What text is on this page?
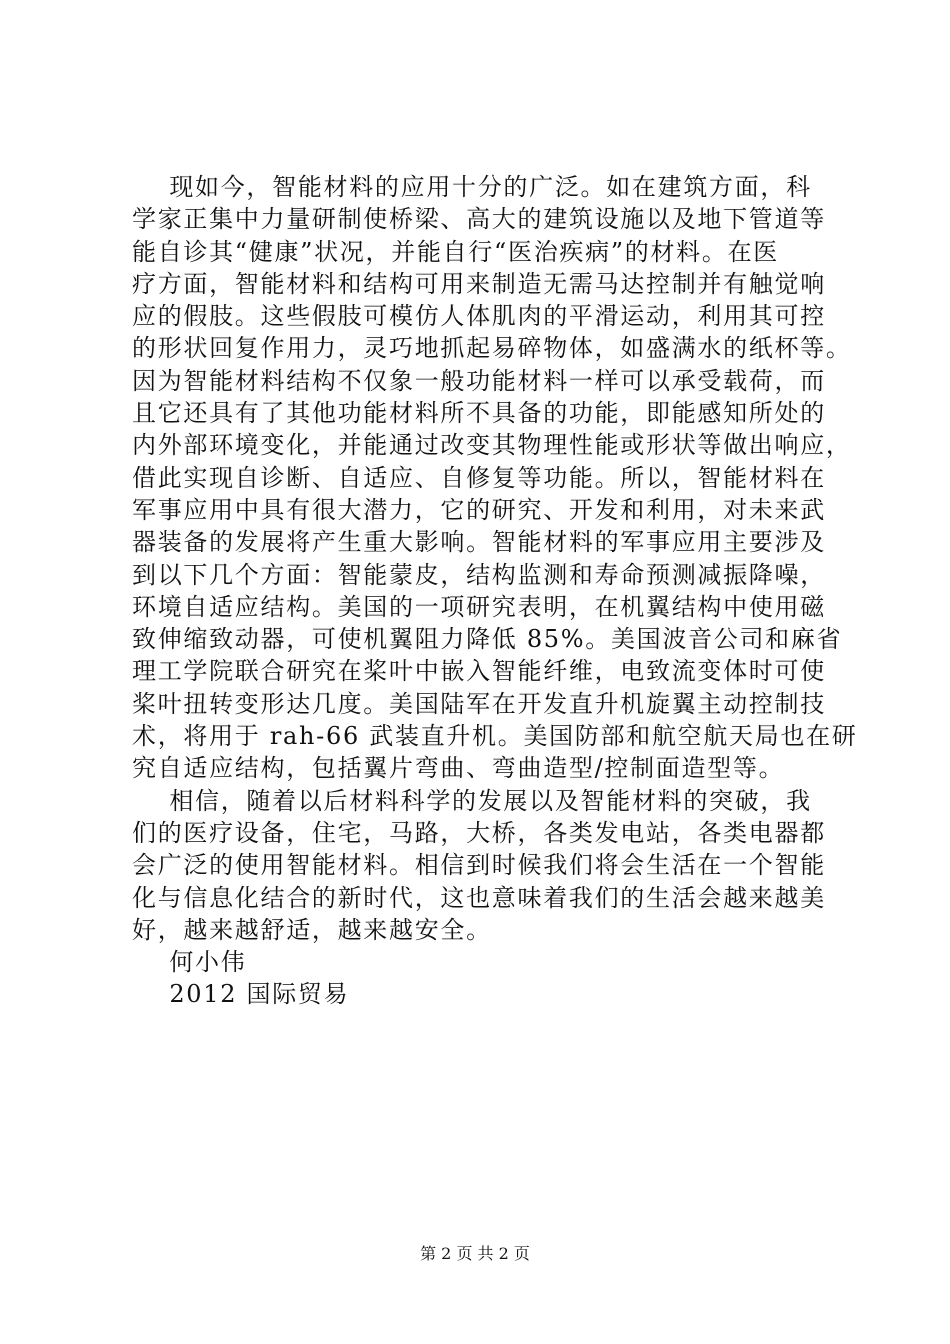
现如今，智能材料的应用十分的广泛。如在建筑方面，科
学家正集中力量研制使桥梁、高大的建筑设施以及地下管道等
能自诊其“健康”状况，并能自行“医治疾病”的材料。在医
疗方面，智能材料和结构可用来制造无需马达控制并有触觉响
应的假肢。这些假肢可模仿人体肌肉的平滑运动，利用其可控
的形状回复作用力，灵巧地抓起易碎物体，如盛满水的纸杯等。
因为智能材料结构不仅象一般功能材料一样可以承受载荷，而
且它还具有了其他功能材料所不具备的功能，即能感知所处的
内外部环境变化，并能通过改变其物理性能或形状等做出响应，
借此实现自诊断、自适应、自修复等功能。所以，智能材料在
军事应用中具有很大潜力，它的研究、开发和利用，对未来武
器装备的发展将产生重大影响。智能材料的军事应用主要涉及
到以下几个方面：智能蒙皮，结构监测和寿命预测减振降噪，
环境自适应结构。美国的一项研究表明，在机翼结构中使用磁
致伸缩致动器，可使机翼阻力降低 85%。美国波音公司和麻省
理工学院联合研究在桨叶中嵌入智能纤维，电致流变体时可使
桨叶扭转变形达几度。美国陆军在开发直升机旋翼主动控制技
术，将用于 rah-66 武装直升机。美国防部和航空航天局也在研
究自适应结构，包括翼片弯曲、弯曲造型/控制面造型等。
相信，随着以后材料科学的发展以及智能材料的突破，我
们的医疗设备，住宅，马路，大桥，各类发电站，各类电器都
会广泛的使用智能材料。相信到时候我们将会生活在一个智能
化与信息化结合的新时代，这也意味着我们的生活会越来越美
好，越来越舒适，越来越安全。
何小伟
2012 国际贸易
第 2 页 共 2 页
